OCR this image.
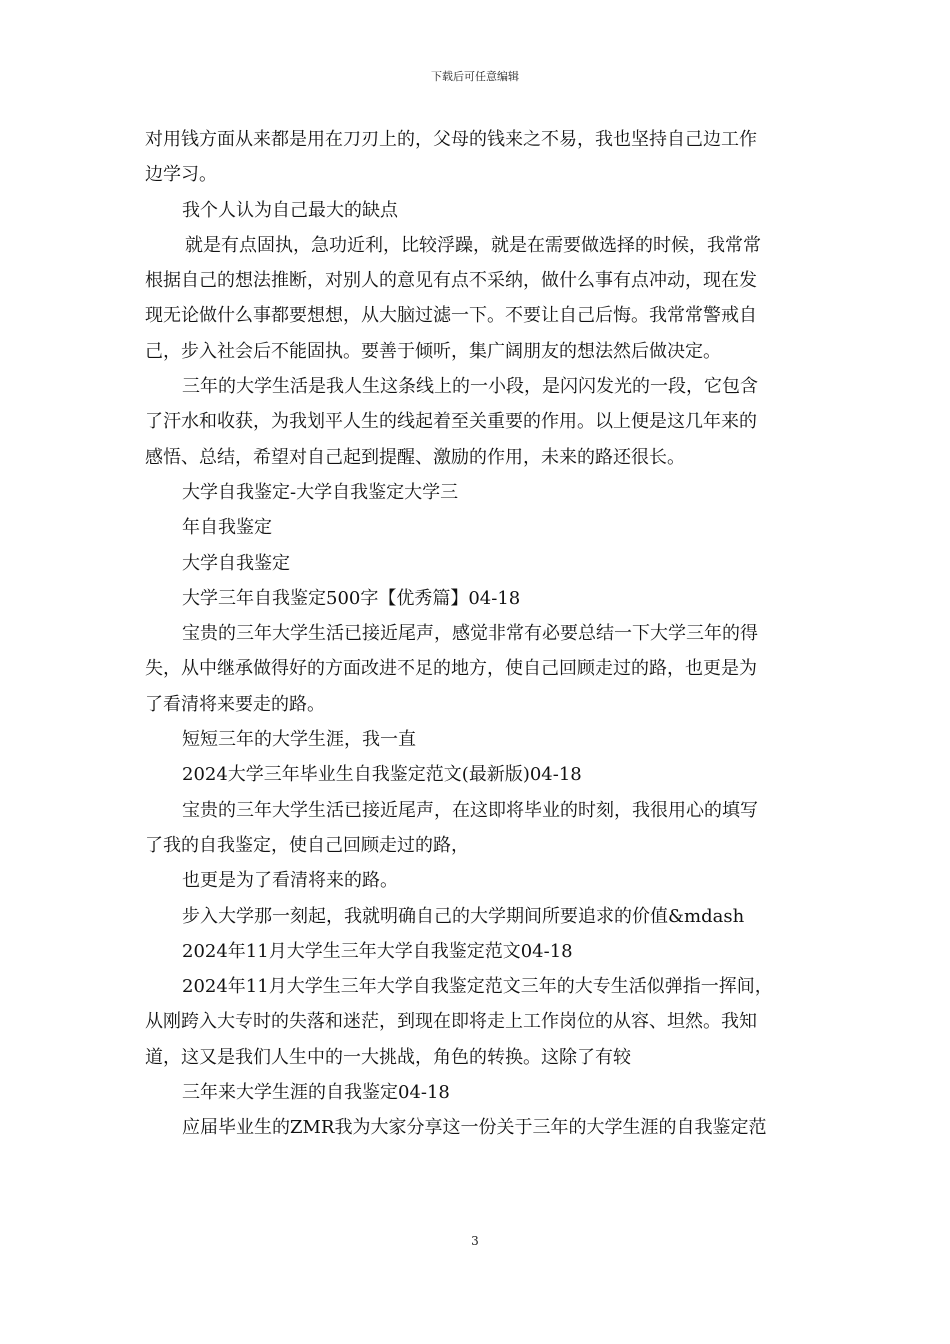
下载后可任意编辑
对用钱方面从来都是用在刀刃上的，父母的钱来之不易，我也坚持自己边工作
边学习。
我个人认为自己最大的缺点
就是有点固执，急功近利，比较浮躁，就是在需要做选择的时候，我常常
根据自己的想法推断，对别人的意见有点不采纳，做什么事有点冲动，现在发
现无论做什么事都要想想，从大脑过滤一下。不要让自己后悔。我常常警戒自
己，步入社会后不能固执。要善于倾听，集广阔朋友的想法然后做决定。
三年的大学生活是我人生这条线上的一小段，是闪闪发光的一段，它包含
了汗水和收获，为我划平人生的线起着至关重要的作用。以上便是这几年来的
感悟、总结，希望对自己起到提醒、激励的作用，未来的路还很长。
大学自我鉴定-大学自我鉴定大学三
年自我鉴定
大学自我鉴定
大学三年自我鉴定500字【优秀篇】04-18
宝贵的三年大学生活已接近尾声，感觉非常有必要总结一下大学三年的得
失，从中继承做得好的方面改进不足的地方，使自己回顾走过的路，也更是为
了看清将来要走的路。
短短三年的大学生涯，我一直
2024大学三年毕业生自我鉴定范文(最新版)04-18
宝贵的三年大学生活已接近尾声，在这即将毕业的时刻，我很用心的填写
了我的自我鉴定，使自己回顾走过的路，
也更是为了看清将来的路。
步入大学那一刻起，我就明确自己的大学期间所要追求的价值&mdash
2024年11月大学生三年大学自我鉴定范文04-18
2024年11月大学生三年大学自我鉴定范文三年的大专生活似弹指一挥间，
从刚跨入大专时的失落和迷茫，到现在即将走上工作岗位的从容、坦然。我知
道，这又是我们人生中的一大挑战，角色的转换。这除了有较
三年来大学生涯的自我鉴定04-18
应届毕业生的ZMR我为大家分享这一份关于三年的大学生涯的自我鉴定范
3
